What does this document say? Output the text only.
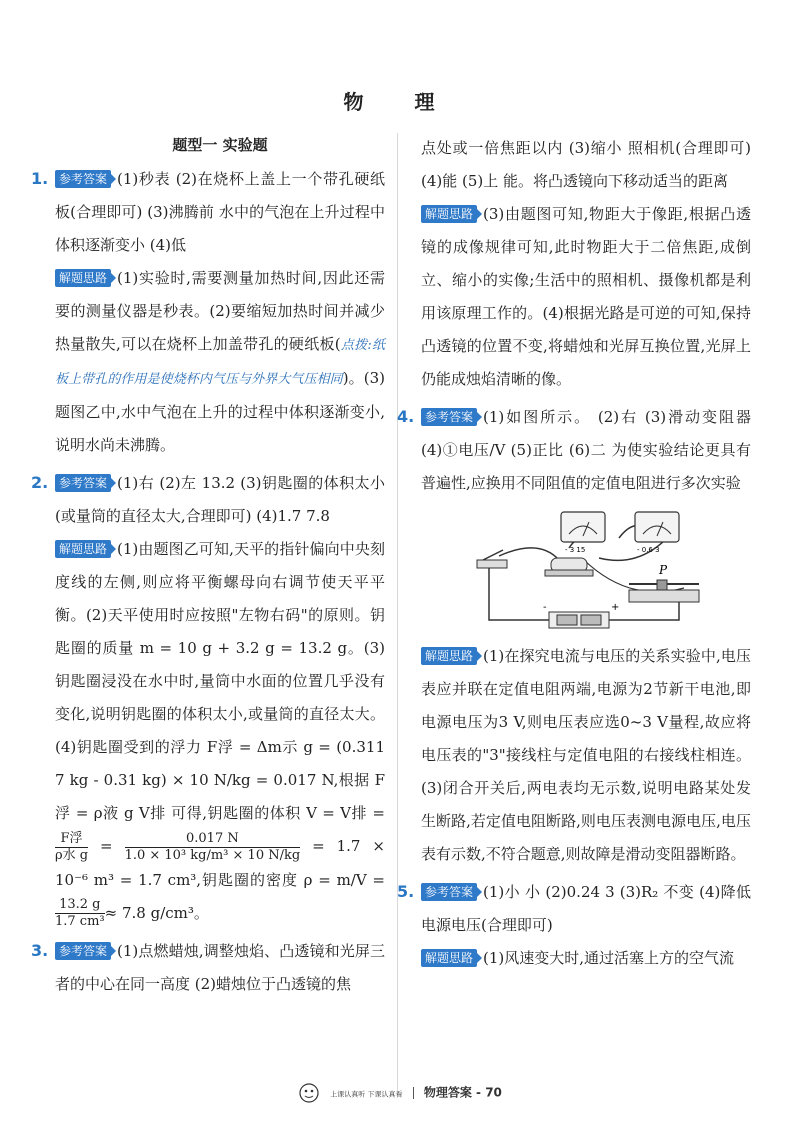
物 理

题型一 实验题

1. 参考答案 (1)秒表 (2)在烧杯上盖上一个带孔硬纸板(合理即可) (3)沸腾前 水中的气泡在上升过程中体积逐渐变小 (4)低

解题思路 (1)实验时,需要测量加热时间,因此还需要的测量仪器是秒表。(2)要缩短加热时间并减少热量散失,可以在烧杯上加盖带孔的硬纸板(点拨:纸板上带孔的作用是使烧杯内气压与外界大气压相同)。(3)题图乙中,水中气泡在上升的过程中体积逐渐变小,说明水尚未沸腾。

2. 参考答案 (1)右 (2)左 13.2 (3)钥匙圈的体积太小(或量筒的直径太大,合理即可) (4)1.7 7.8

解题思路 (1)由题图乙可知,天平的指针偏向中央刻度线的左侧,则应将平衡螺母向右调节使天平平衡。(2)天平使用时应按照"左物右码"的原则。钥匙圈的质量 m = 10 g + 3.2 g = 13.2 g。(3)钥匙圈浸没在水中时,量筒中水面的位置几乎没有变化,说明钥匙圈的体积太小,或量筒的直径太大。(4)钥匙圈受到的浮力 F浮 = Δm示 g = (0.311 7 kg - 0.31 kg) × 10 N/kg = 0.017 N,根据 F浮 = ρ液 g V排 可得,钥匙圈的体积 V = V排 =
$\frac{\text{F浮}}{\text{ρ水 g}} = \frac{0.017 N}{\text{1.0 × 10³ kg/m³ × 10 N/kg}} = 1.7 \times 10^{-6}$ m³ = 1.7 cm³,钥匙圈的密度 ρ = m/V =
$\frac{13.2 g}{\text{1.7 cm³}}\approx 7.8$ g/cm³。

3. 参考答案 (1)点燃蜡烛,调整烛焰、凸透镜和光屏三者的中心在同一高度 (2)蜡烛位于凸透镜的焦

点处或一倍焦距以内 (3)缩小 照相机(合理即可) (4)能 (5)上 能。将凸透镜向下移动适当的距离

解题思路 (3)由题图可知,物距大于像距,根据凸透镜的成像规律可知,此时物距大于二倍焦距,成倒立、缩小的实像;生活中的照相机、摄像机都是利用该原理工作的。(4)根据光路是可逆的可知,保持凸透镜的位置不变,将蜡烛和光屏互换位置,光屏上仍能成烛焰清晰的像。

4. 参考答案 (1)如图所示。 (2)右 (3)滑动变阻器 (4)①电压/V (5)正比 (6)二 为使实验结论更具有普遍性,应换用不同阻值的定值电阻进行多次实验

- 3 15	- 0.6 3
-	+
P

解题思路 (1)在探究电流与电压的关系实验中,电压表应并联在定值电阻两端,电源为2节新干电池,即电源电压为3 V,则电压表应选0~3 V量程,故应将电压表的"3"接线柱与定值电阻的右接线柱相连。(3)闭合开关后,两电表均无示数,说明电路某处发生断路,若定值电阻断路,则电压表测电源电压,电压表有示数,不符合题意,则故障是滑动变阻器断路。

5. 参考答案 (1)小 小 (2)0.24 3 (3)R₂ 不变 (4)降低电源电压(合理即可)

解题思路 (1)风速变大时,通过活塞上方的空气流

上课认真听 下课认真看 物理答案 - 70
